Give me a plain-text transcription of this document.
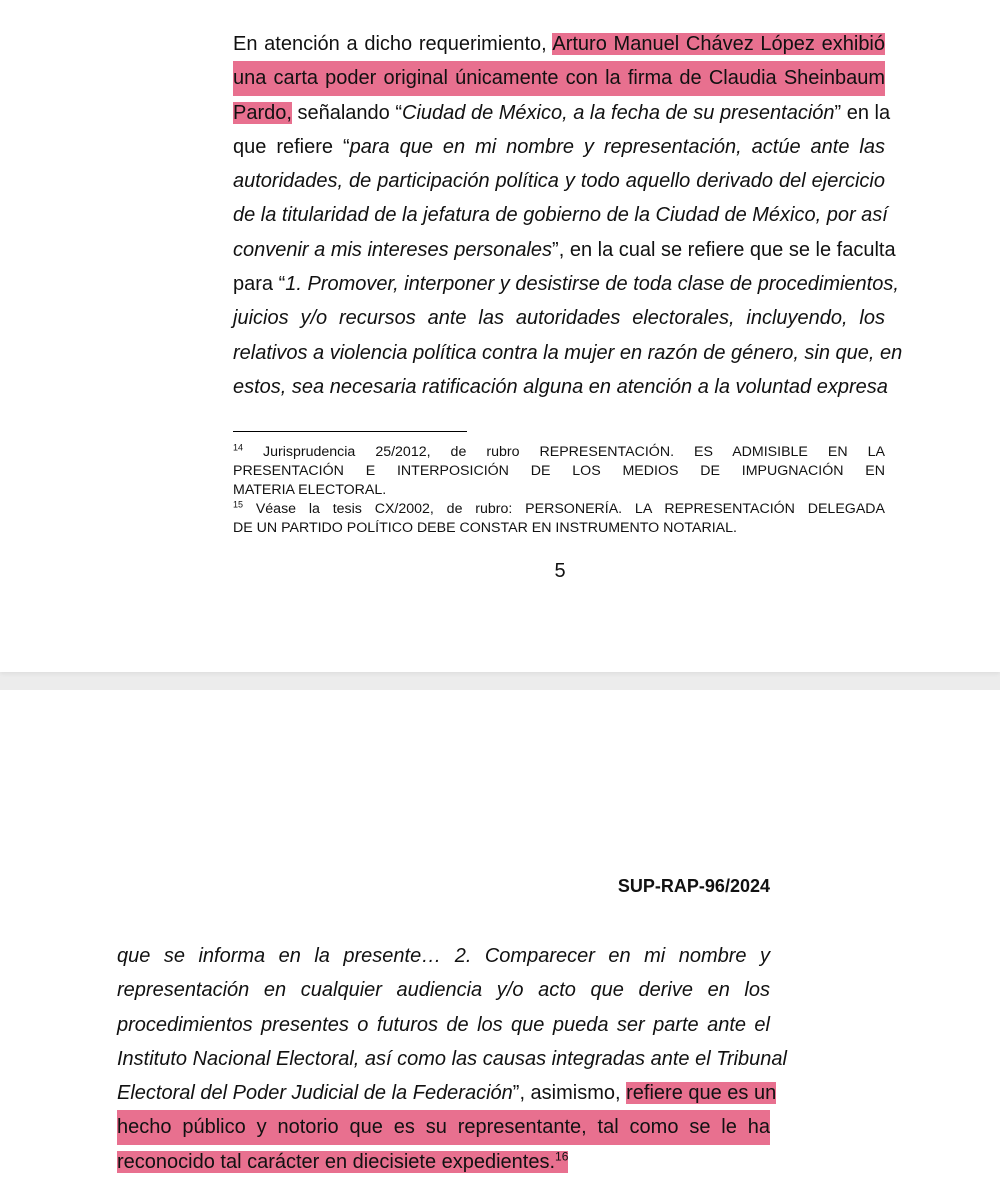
En atención a dicho requerimiento, Arturo Manuel Chávez López exhibió
una carta poder original únicamente con la firma de Claudia Sheinbaum
Pardo, señalando “Ciudad de México, a la fecha de su presentación” en la
que refiere “para que en mi nombre y representación, actúe ante las
autoridades, de participación política y todo aquello derivado del ejercicio
de la titularidad de la jefatura de gobierno de la Ciudad de México, por así
convenir a mis intereses personales”, en la cual se refiere que se le faculta
para “1. Promover, interponer y desistirse de toda clase de procedimientos,
juicios y/o recursos ante las autoridades electorales, incluyendo, los
relativos a violencia política contra la mujer en razón de género, sin que, en
estos, sea necesaria ratificación alguna en atención a la voluntad expresa
$^{14}$ Jurisprudencia 25/2012, de rubro REPRESENTACIÓN. ES ADMISIBLE EN LA
PRESENTACIÓN E INTERPOSICIÓN DE LOS MEDIOS DE IMPUGNACIÓN EN
MATERIA ELECTORAL.
$^{15}$ Véase la tesis CX/2002, de rubro: PERSONERÍA. LA REPRESENTACIÓN DELEGADA
DE UN PARTIDO POLÍTICO DEBE CONSTAR EN INSTRUMENTO NOTARIAL.
5
SUP-RAP-96/2024
que se informa en la presente… 2. Comparecer en mi nombre y
representación en cualquier audiencia y/o acto que derive en los
procedimientos presentes o futuros de los que pueda ser parte ante el
Instituto Nacional Electoral, así como las causas integradas ante el Tribunal
Electoral del Poder Judicial de la Federación”, asimismo, refiere que es un
hecho público y notorio que es su representante, tal como se le ha
reconocido tal carácter en diecisiete expedientes.$^{16}$
